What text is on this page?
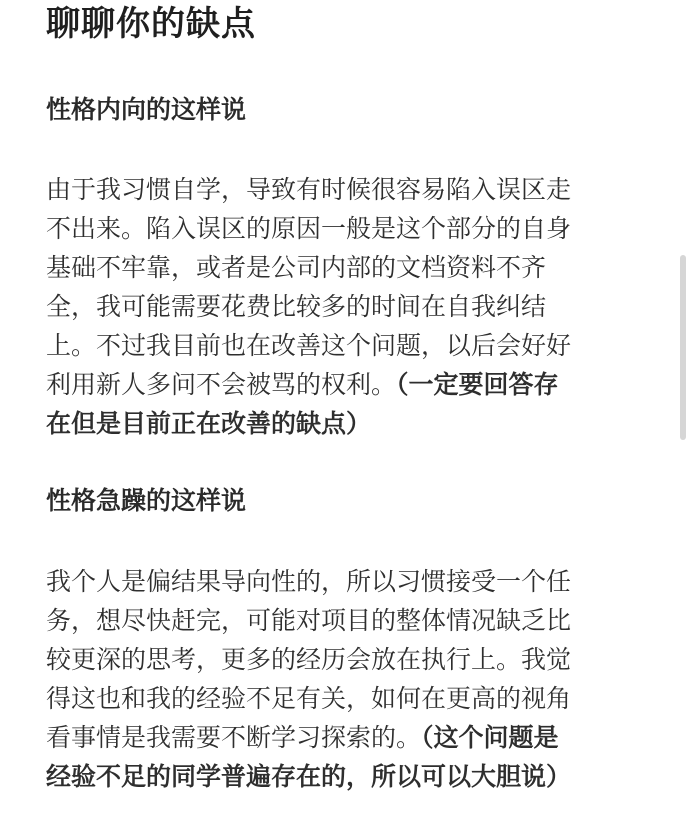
聊聊你的缺点
性格内向的这样说
由于我习惯自学，导致有时候很容易陷入误区走
不出来。陷入误区的原因一般是这个部分的自身
基础不牢靠，或者是公司内部的文档资料不齐
全，我可能需要花费比较多的时间在自我纠结
上。不过我目前也在改善这个问题，以后会好好
利用新人多问不会被骂的权利。（一定要回答存
在但是目前正在改善的缺点）
性格急躁的这样说
我个人是偏结果导向性的，所以习惯接受一个任
务，想尽快赶完，可能对项目的整体情况缺乏比
较更深的思考，更多的经历会放在执行上。我觉
得这也和我的经验不足有关，如何在更高的视角
看事情是我需要不断学习探索的。（这个问题是
经验不足的同学普遍存在的，所以可以大胆说）
